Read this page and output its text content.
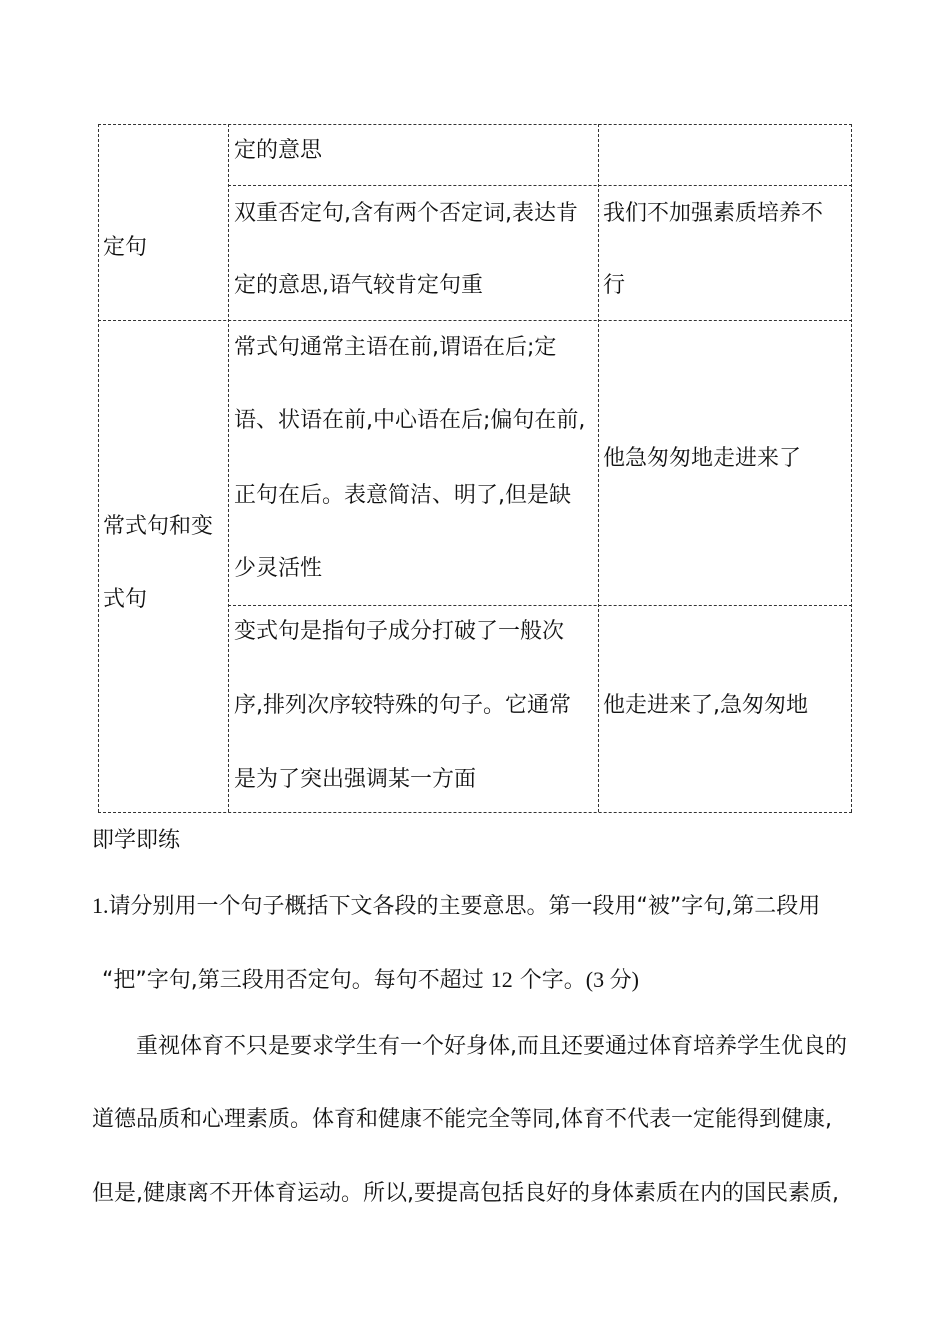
定句
定的意思
双重否定句,含有两个否定词,表达肯
定的意思,语气较肯定句重
我们不加强素质培养不
行
常式句和变
式句
常式句通常主语在前,谓语在后;定
语、状语在前,中心语在后;偏句在前,
正句在后。表意简洁、明了,但是缺
少灵活性
他急匆匆地走进来了
变式句是指句子成分打破了一般次
序,排列次序较特殊的句子。它通常
是为了突出强调某一方面
他走进来了,急匆匆地
即学即练
1.请分别用一个句子概括下文各段的主要意思。第一段用“被”字句,第二段用
“把”字句,第三段用否定句。每句不超过 12 个字。(3 分)
重视体育不只是要求学生有一个好身体,而且还要通过体育培养学生优良的
道德品质和心理素质。体育和健康不能完全等同,体育不代表一定能得到健康,
但是,健康离不开体育运动。所以,要提高包括良好的身体素质在内的国民素质,
